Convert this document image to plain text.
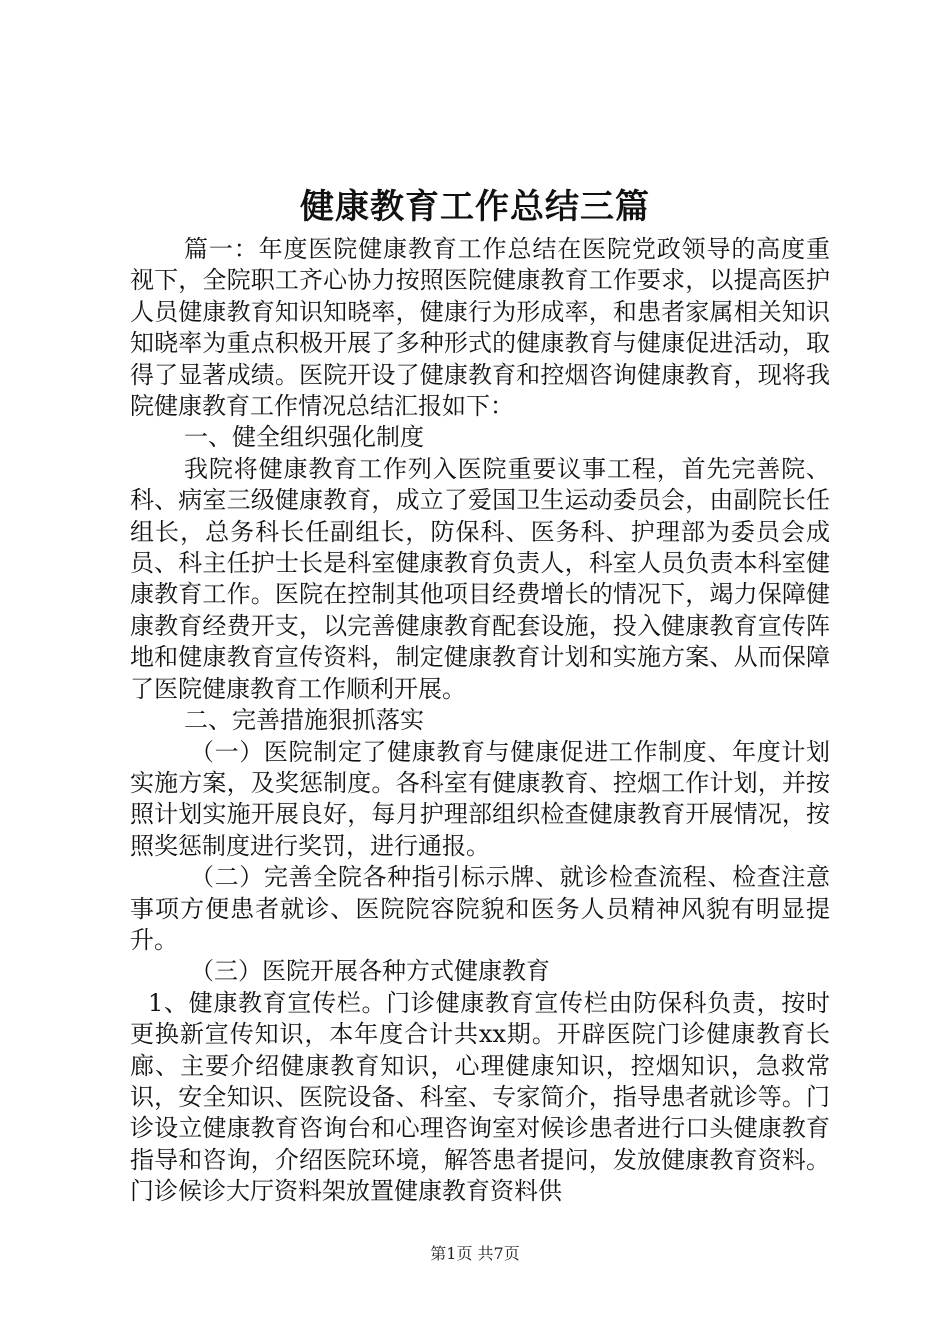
健康教育工作总结三篇

篇一：年度医院健康教育工作总结在医院党政领导的高度重视下，全院职工齐心协力按照医院健康教育工作要求，以提高医护人员健康教育知识知晓率，健康行为形成率，和患者家属相关知识知晓率为重点积极开展了多种形式的健康教育与健康促进活动，取得了显著成绩。医院开设了健康教育和控烟咨询健康教育，现将我院健康教育工作情况总结汇报如下：

一、健全组织强化制度

我院将健康教育工作列入医院重要议事工程，首先完善院、科、病室三级健康教育，成立了爱国卫生运动委员会，由副院长任组长，总务科长任副组长，防保科、医务科、护理部为委员会成员、科主任护士长是科室健康教育负责人，科室人员负责本科室健康教育工作。医院在控制其他项目经费增长的情况下，竭力保障健康教育经费开支，以完善健康教育配套设施，投入健康教育宣传阵地和健康教育宣传资料，制定健康教育计划和实施方案、从而保障了医院健康教育工作顺利开展。

二、完善措施狠抓落实

（一）医院制定了健康教育与健康促进工作制度、年度计划实施方案，及奖惩制度。各科室有健康教育、控烟工作计划，并按照计划实施开展良好，每月护理部组织检查健康教育开展情况，按照奖惩制度进行奖罚，进行通报。

（二）完善全院各种指引标示牌、就诊检查流程、检查注意事项方便患者就诊、医院院容院貌和医务人员精神风貌有明显提升。

（三）医院开展各种方式健康教育

1、健康教育宣传栏。门诊健康教育宣传栏由防保科负责，按时更换新宣传知识，本年度合计共xx期。开辟医院门诊健康教育长廊、主要介绍健康教育知识，心理健康知识，控烟知识，急救常识，安全知识、医院设备、科室、专家简介，指导患者就诊等。门诊设立健康教育咨询台和心理咨询室对候诊患者进行口头健康教育指导和咨询，介绍医院环境，解答患者提问，发放健康教育资料。门诊候诊大厅资料架放置健康教育资料供

第1页 共7页
